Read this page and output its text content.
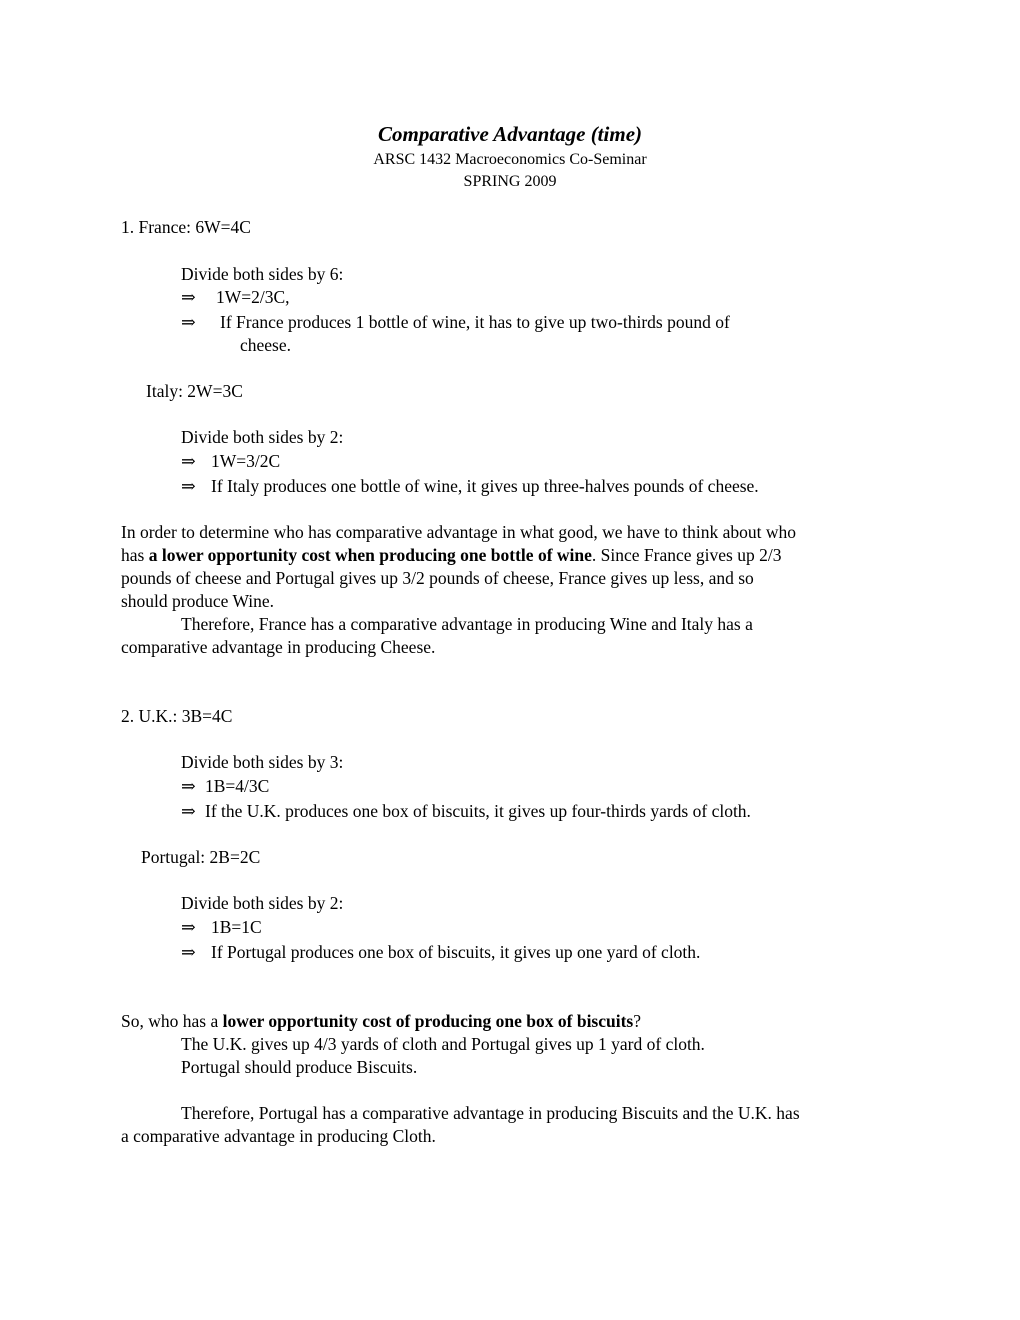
Comparative Advantage (time)
ARSC 1432 Macroeconomics Co-Seminar
SPRING 2009
1. France: 6W=4C
Divide both sides by 6:
⇒ 1W=2/3C,
⇒ If France produces 1 bottle of wine, it has to give up two-thirds pound of
cheese.
Italy: 2W=3C
Divide both sides by 2:
⇒ 1W=3/2C
⇒ If Italy produces one bottle of wine, it gives up three-halves pounds of cheese.
In order to determine who has comparative advantage in what good, we have to think about who
has a lower opportunity cost when producing one bottle of wine. Since France gives up 2/3
pounds of cheese and Portugal gives up 3/2 pounds of cheese, France gives up less, and so
should produce Wine.
Therefore, France has a comparative advantage in producing Wine and Italy has a
comparative advantage in producing Cheese.
2. U.K.: 3B=4C
Divide both sides by 3:
⇒ 1B=4/3C
⇒ If the U.K. produces one box of biscuits, it gives up four-thirds yards of cloth.
Portugal: 2B=2C
Divide both sides by 2:
⇒ 1B=1C
⇒ If Portugal produces one box of biscuits, it gives up one yard of cloth.
So, who has a lower opportunity cost of producing one box of biscuits?
The U.K. gives up 4/3 yards of cloth and Portugal gives up 1 yard of cloth.
Portugal should produce Biscuits.
Therefore, Portugal has a comparative advantage in producing Biscuits and the U.K. has
a comparative advantage in producing Cloth.
